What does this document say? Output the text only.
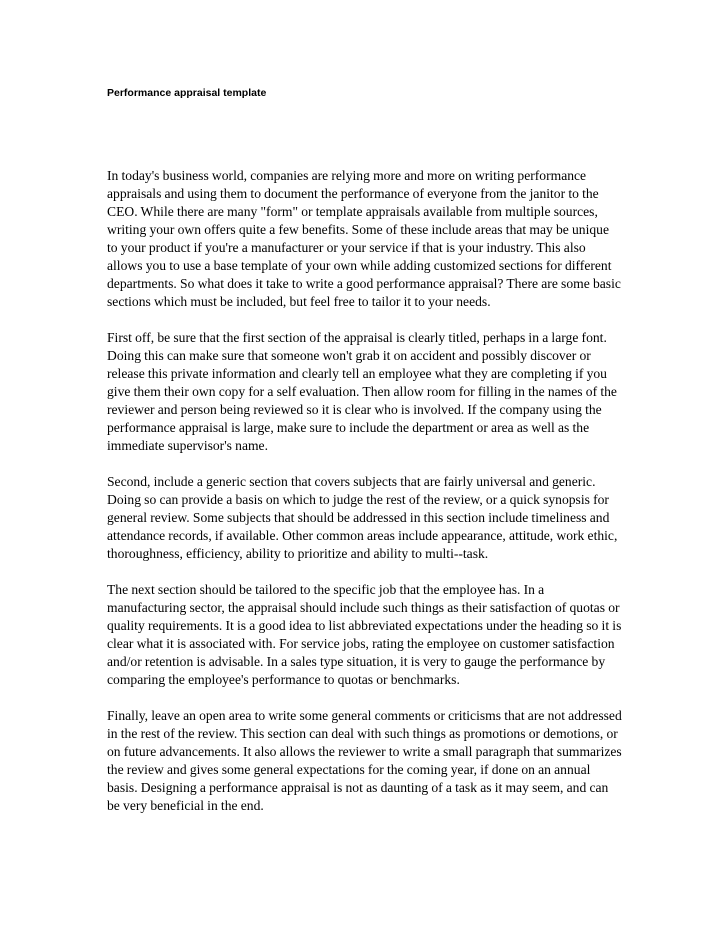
Performance appraisal template

In today's business world, companies are relying more and more on writing performance appraisals and using them to document the performance of everyone from the janitor to the CEO. While there are many "form" or template appraisals available from multiple sources, writing your own offers quite a few benefits. Some of these include areas that may be unique to your product if you're a manufacturer or your service if that is your industry. This also allows you to use a base template of your own while adding customized sections for different departments. So what does it take to write a good performance appraisal? There are some basic sections which must be included, but feel free to tailor it to your needs.

First off, be sure that the first section of the appraisal is clearly titled, perhaps in a large font. Doing this can make sure that someone won't grab it on accident and possibly discover or release this private information and clearly tell an employee what they are completing if you give them their own copy for a self evaluation. Then allow room for filling in the names of the reviewer and person being reviewed so it is clear who is involved. If the company using the performance appraisal is large, make sure to include the department or area as well as the immediate supervisor's name.

Second, include a generic section that covers subjects that are fairly universal and generic. Doing so can provide a basis on which to judge the rest of the review, or a quick synopsis for general review. Some subjects that should be addressed in this section include timeliness and attendance records, if available. Other common areas include appearance, attitude, work ethic, thoroughness, efficiency, ability to prioritize and ability to multi--task.

The next section should be tailored to the specific job that the employee has. In a manufacturing sector, the appraisal should include such things as their satisfaction of quotas or quality requirements. It is a good idea to list abbreviated expectations under the heading so it is clear what it is associated with. For service jobs, rating the employee on customer satisfaction and/or retention is advisable. In a sales type situation, it is very to gauge the performance by comparing the employee's performance to quotas or benchmarks.

Finally, leave an open area to write some general comments or criticisms that are not addressed in the rest of the review. This section can deal with such things as promotions or demotions, or on future advancements. It also allows the reviewer to write a small paragraph that summarizes the review and gives some general expectations for the coming year, if done on an annual basis. Designing a performance appraisal is not as daunting of a task as it may seem, and can be very beneficial in the end.
